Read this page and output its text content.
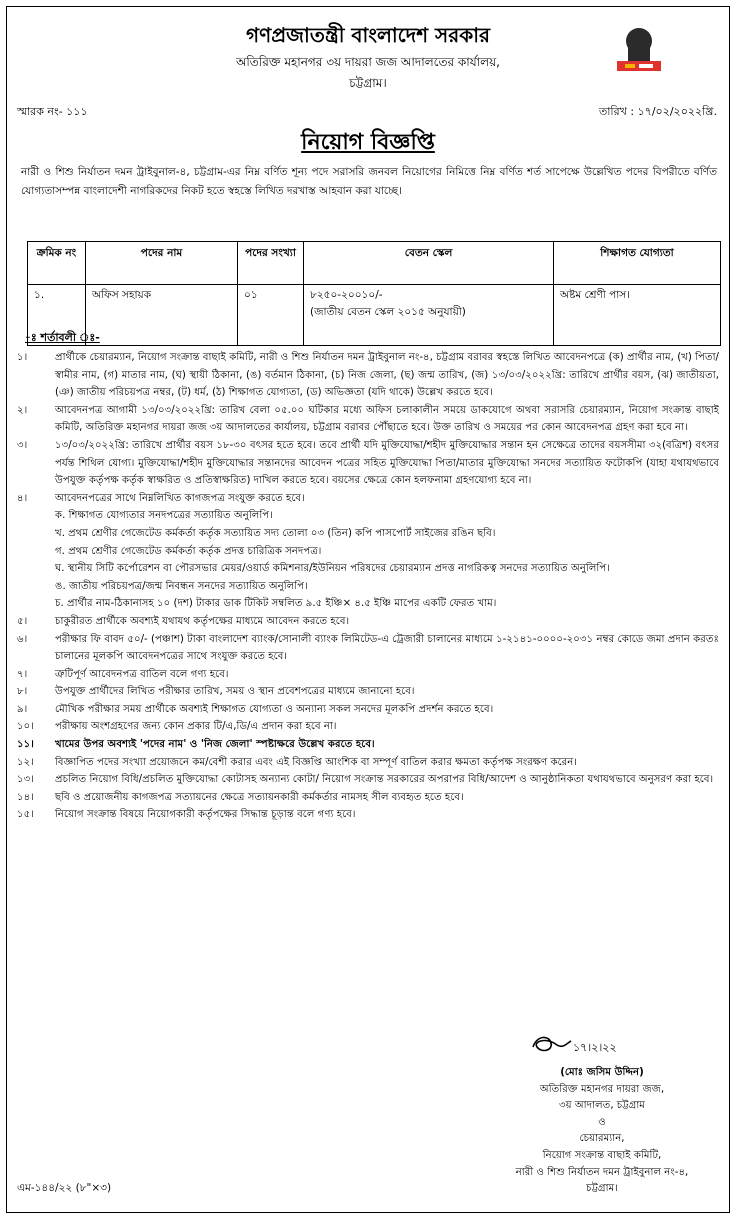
গণপ্রজাতন্ত্রী বাংলাদেশ সরকার
অতিরিক্ত মহানগর ৩য় দায়রা জজ আদালতের কার্যালয়,
চট্টগ্রাম।
স্মারক নং- ১১১	তারিখ : ১৭/০২/২০২২খ্রি.
নিয়োগ বিজ্ঞপ্তি
নারী ও শিশু নির্যাতন দমন ট্রাইবুনাল-৪, চট্টগ্রাম-এর নিম্ন বর্ণিত শূন্য পদে সরাসরি জনবল নিয়োগের নিমিত্তে নিম্ন বর্ণিত শর্ত সাপেক্ষে উল্লেখিত পদের বিপরীতে বর্ণিত যোগ্যতাসম্পন্ন বাংলাদেশী নাগরিকদের নিকট হতে স্বহস্তে লিখিত দরখাস্ত আহবান করা যাচ্ছে।
ক্রমিক নং	পদের নাম	পদের সংখ্যা	বেতন স্কেল	শিক্ষাগত যোগ্যতা
১.	অফিস সহায়ক	০১	৮২৫০-২০০১০/-
(জাতীয় বেতন স্কেল ২০১৫ অনুযায়ী)	অষ্টম শ্রেণী পাস।
-ঃ শর্তাবলী ঃ-
১।	প্রার্থীকে চেয়ারম্যান, নিয়োগ সংক্রান্ত বাছাই কমিটি, নারী ও শিশু নির্যাতন দমন ট্রাইবুনাল নং-৪, চট্টগ্রাম বরাবর স্বহস্তে লিখিত আবেদনপত্রে (ক) প্রার্থীর নাম, (খ) পিতা/স্বামীর নাম, (গ) মাতার নাম, (ঘ) স্থায়ী ঠিকানা, (ঙ) বর্তমান ঠিকানা, (চ) নিজ জেলা, (ছ) জন্ম তারিখ, (জ) ১৩/০৩/২০২২খ্রি: তারিখে প্রার্থীর বয়স, (ঝ) জাতীয়তা, (ঞ) জাতীয় পরিচয়পত্র নম্বর, (ট) ধর্ম, (ঠ) শিক্ষাগত যোগ্যতা, (ড) অভিজ্ঞতা (যদি থাকে) উল্লেখ করতে হবে।
২।	আবেদনপত্র আগামী ১৩/০৩/২০২২খ্রি: তারিখ বেলা ০৫.০০ ঘটিকার মধ্যে অফিস চলাকালীন সময়ে ডাকযোগে অথবা সরাসরি চেয়ারম্যান, নিয়োগ সংক্রান্ত বাছাই কমিটি, অতিরিক্ত মহানগর দায়রা জজ ৩য় আদালতের কার্যালয়, চট্টগ্রাম বরাবর পৌঁছাতে হবে। উক্ত তারিখ ও সময়ের পর কোন আবেদনপত্র গ্রহণ করা হবে না।
৩।	১৩/০৩/২০২২খ্রি: তারিখে প্রার্থীর বয়স ১৮-৩০ বৎসর হতে হবে। তবে প্রার্থী যদি মুক্তিযোদ্ধা/শহীদ মুক্তিযোদ্ধার সন্তান হন সেক্ষেত্রে তাদের বয়সসীমা ৩২(বত্রিশ) বৎসর পর্যন্ত শিথিল যোগ্য। মুক্তিযোদ্ধা/শহীদ মুক্তিযোদ্ধার সন্তানদের আবেদন পত্রের সহিত মুক্তিযোদ্ধা পিতা/মাতার মুক্তিযোদ্ধা সনদের সত্যায়িত ফটোকপি (যাহা যথাযথভাবে উপযুক্ত কর্তৃপক্ষ কর্তৃক স্বাক্ষরিত ও প্রতিস্বাক্ষরিত) দাখিল করতে হবে। বয়সের ক্ষেত্রে কোন হলফনামা গ্রহণযোগ্য হবে না।
৪।	আবেদনপত্রের সাথে নিম্নলিখিত কাগজপত্র সংযুক্ত করতে হবে।
ক. শিক্ষাগত যোগ্যতার সনদপত্রের সত্যায়িত অনুলিপি।
খ. প্রথম শ্রেণীর গেজেটেড কর্মকর্তা কর্তৃক সত্যায়িত সদ্য তোলা ০৩ (তিন) কপি পাসপোর্ট সাইজের রঙিন ছবি।
গ. প্রথম শ্রেণীর গেজেটেড কর্মকর্তা কর্তৃক প্রদত্ত চারিত্রিক সনদপত্র।
ঘ. স্থানীয় সিটি কর্পোরেশন বা পৌরসভার মেয়র/ওয়ার্ড কমিশনার/ইউনিয়ন পরিষদের চেয়ারম্যান প্রদত্ত নাগরিকত্ব সনদের সত্যায়িত অনুলিপি।
ঙ. জাতীয় পরিচয়পত্র/জন্ম নিবন্ধন সনদের সত্যায়িত অনুলিপি।
চ. প্রার্থীর নাম-ঠিকানাসহ ১০ (দশ) টাকার ডাক টিকিট সম্বলিত ৯.৫ ইঞ্চি× ৪.৫ ইঞ্চি মাপের একটি ফেরত খাম।
৫।	চাকুরীরত প্রার্থীকে অবশ্যই যথাযথ কর্তৃপক্ষের মাধ্যমে আবেদন করতে হবে।
৬।	পরীক্ষার ফি বাবদ ৫০/- (পঞ্চাশ) টাকা বাংলাদেশ ব্যাংক/সোনালী ব্যাংক লিমিটেড-এ ট্রেজারী চালানের মাধ্যমে ১-২১৪১-০০০০-২০৩১ নম্বর কোডে জমা প্রদান করতঃ চালানের মূলকপি আবেদনপত্রের সাথে সংযুক্ত করতে হবে।
৭।	ত্রুটিপূর্ণ আবেদনপত্র বাতিল বলে গণ্য হবে।
৮।	উপযুক্ত প্রার্থীদের লিখিত পরীক্ষার তারিখ, সময় ও স্থান প্রবেশপত্রের মাধ্যমে জানানো হবে।
৯।	মৌখিক পরীক্ষার সময় প্রার্থীকে অবশ্যই শিক্ষাগত যোগ্যতা ও অন্যান্য সকল সনদের মূলকপি প্রদর্শন করতে হবে।
১০।	পরীক্ষায় অংশগ্রহণের জন্য কোন প্রকার টি/এ,ডি/এ প্রদান করা হবে না।
১১।	খামের উপর অবশ্যই 'পদের নাম' ও 'নিজ জেলা' স্পষ্টাক্ষরে উল্লেখ করতে হবে।
১২।	বিজ্ঞাপিত পদের সংখ্যা প্রয়োজনে কম/বেশী করার এবং এই বিজ্ঞপ্তি আংশিক বা সম্পূর্ণ বাতিল করার ক্ষমতা কর্তৃপক্ষ সংরক্ষণ করেন।
১৩।	প্রচলিত নিয়োগ বিধি/প্রচলিত মুক্তিযোদ্ধা কোটাসহ অন্যান্য কোটা/ নিয়োগ সংক্রান্ত সরকারের অপরাপর বিধি/আদেশ ও আনুষ্ঠানিকতা যথাযথভাবে অনুসরণ করা হবে।
১৪।	ছবি ও প্রয়োজনীয় কাগজপত্র সত্যায়নের ক্ষেত্রে সত্যায়নকারী কর্মকর্তার নামসহ সীল ব্যবহৃত হতে হবে।
১৫।	নিয়োগ সংক্রান্ত বিষয়ে নিয়োগকারী কর্তৃপক্ষের সিদ্ধান্ত চূড়ান্ত বলে গণ্য হবে।
১৭।২।২২
(মোঃ জসিম উদ্দিন)
অতিরিক্ত মহানগর দায়রা জজ,
৩য় আদালত, চট্টগ্রাম
ও
চেয়ারম্যান,
নিয়োগ সংক্রান্ত বাছাই কমিটি,
নারী ও শিশু নির্যাতন দমন ট্রাইবুনাল নং-৪,
চট্টগ্রাম।
এম-১৪৪/২২ (৮"×৩)
